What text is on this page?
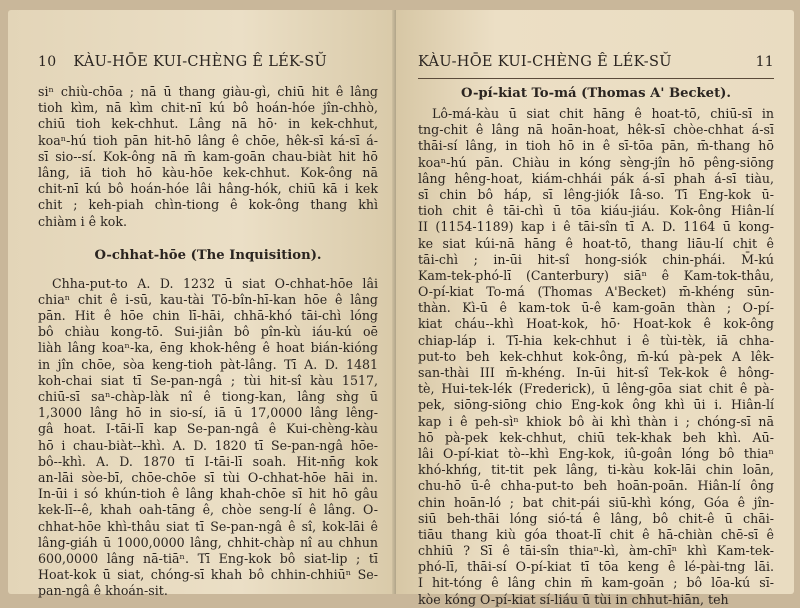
10 KÀU-HŌE KUI-CHÈNG Ê LÉK-SŬ
siⁿ chiù-chōa ; nā ū thang giàu-gì, chiū hit ê lâng
tioh kìm, nā kìm chit-nī kú bô hoán-hóe jîn-chhò,
chiū tioh kek-chhut. Lâng nā hō· in kek-chhut,
koaⁿ-hú tioh pān hit-hō lâng ê chōe, hêk-sī ká-sī á-
sī sio--sí. Kok-ông nā m̄ kam-goān chau-biàt hit hō
lâng, iā tioh hō kàu-hōe kek-chhut. Kok-ông nā
chit-nī kú bô hoán-hóe lâi hâng-hók, chiū kā i kek
chit ; keh-piah chìn-tiong ê kok-ông thang khì
chiàm i ê kok.
O-chhat-hōe (The Inquisition).
Chha-put-to A. D. 1232 ū siat O-chhat-hōe lâi
chiaⁿ chit ê i-sū, kau-tài Tō-bîn-hī-kan hōe ê lâng
pān. Hit ê hōe chin lī-hāi, chhā-khó tāi-chì lóng
bô chiàu kong-tō. Sui-jiân bô pîn-kù iáu-kú oē
liàh lâng koaⁿ-ka, ēng khok-hêng ê hoat bián-kióng
in jîn chōe, sòa keng-tioh pàt-lâng. Tī A. D. 1481
koh-chai siat tī Se-pan-ngâ ; tùi hit-sî kàu 1517,
chiū-sī saⁿ-chàp-làk nî ê tiong-kan, lâng sǹg ū
1,3000 lâng hō in sio-sí, iā ū 17,0000 lâng lêng-
gâ hoat. I-tāi-lī kap Se-pan-ngâ ê Kui-chèng-kàu
hō i chau-biàt--khì. A. D. 1820 tī Se-pan-ngâ hōe-
bô--khì. A. D. 1870 tī I-tāi-lī soah. Hit-nn̄g kok
an-lāi sòe-bī, chōe-chōe sī tùi O-chhat-hōe hāi in.
In-ūi i só khún-tioh ê lâng khah-chōe sī hit hō gâu
kek-lī--ê, khah oah-tāng ê, chòe seng-lí ê lâng. O-
chhat-hōe khì-thâu siat tī Se-pan-ngâ ê sî, kok-lāi ê
lâng-giáh ū 1000,0000 lâng, chhit-chàp nî au chhun
600,0000 lâng nā-tiāⁿ. Tī Eng-kok bô siat-lip ; tī
Hoat-kok ū siat, chóng-sī khah bô chhin-chhiūⁿ Se-
pan-ngâ ê khoán-sit.
KÀU-HŌE KUI-CHÈNG Ê LÉK-SŬ	11
O-pí-kiat To-má (Thomas A' Becket).
Lô-má-kàu ū siat chit hāng ê hoat-tō, chiū-sī in
tng-chit ê lâng nā hoān-hoat, hêk-sī chòe-chhat á-sī
thāi-sí lâng, in tioh hō in ê sī-tōa pān, m̄-thang hō
koaⁿ-hú pān. Chiàu in kóng sèng-jîn hō pêng-siōng
lâng hêng-hoat, kiám-chhái pák á-sī phah á-sī tiàu,
sī chin bô háp, sī lêng-jiók Iâ-so. Tī Eng-kok ū-
tioh chit ê tāi-chì ū tōa kiáu-jiáu. Kok-ông Hiân-lí
II (1154-1189) kap i ê tāi-sîn tī A. D. 1164 ū kong-
ke siat kúi-nā hāng ê hoat-tō, thang liāu-lí chit ê
tāi-chì ; in-ūi hit-sî hong-siók chin-phái. M̄-kú
Kam-tek-phó-lī (Canterbury) siāⁿ ê Kam-tok-thâu,
O-pí-kiat To-má (Thomas A'Becket) m̄-khéng sūn-
thàn. Kì-ū ê kam-tok ū-ê kam-goān thàn ; O-pí-
kiat cháu--khì Hoat-kok, hō· Hoat-kok ê kok-ông
chiap-láp i. Tī-hia kek-chhut i ê tùi-tèk, iā chha-
put-to beh kek-chhut kok-ông, m̄-kú pà-pek A lêk-
san-thài III m̄-khéng. In-ūi hit-sî Tek-kok ê hông-
tè, Hui-tek-lék (Frederick), ū lêng-gōa siat chit ê pà-
pek, siōng-siōng chio Eng-kok ông khì ūi i. Hiân-lí
kap i ê peh-sìⁿ khiok bô ài khì thàn i ; chóng-sī nā
hō pà-pek kek-chhut, chiū tek-khak beh khì. Aū-
lâi O-pí-kiat tò--khì Eng-kok, iû-goân lóng bô thiaⁿ
khó-khńg, tit-tit pek lâng, ti-kàu kok-lāi chin loān,
chu-hō ū-ê chha-put-to beh hoān-poān. Hiân-lí ông
chin hoān-ló ; bat chit-pái siū-khì kóng, Góa ê jîn-
siū beh-thāi lóng sió-tá ê lâng, bô chit-ê ū chāi-
tiāu thang kiù góa thoat-lī chit ê hā-chiàn chē-sī ê
chhiū ? Sī ê tāi-sîn thiaⁿ-kì, àm-chīⁿ khì Kam-tek-
phó-lī, thāi-sí O-pí-kiat tī tōa keng ê lé-pài-tng lāi.
I hit-tóng ê lâng chin m̄ kam-goān ; bô lōa-kú sī-
kòe kóng O-pí-kiat sí-liáu ū tùi in chhut-hiān, teh
